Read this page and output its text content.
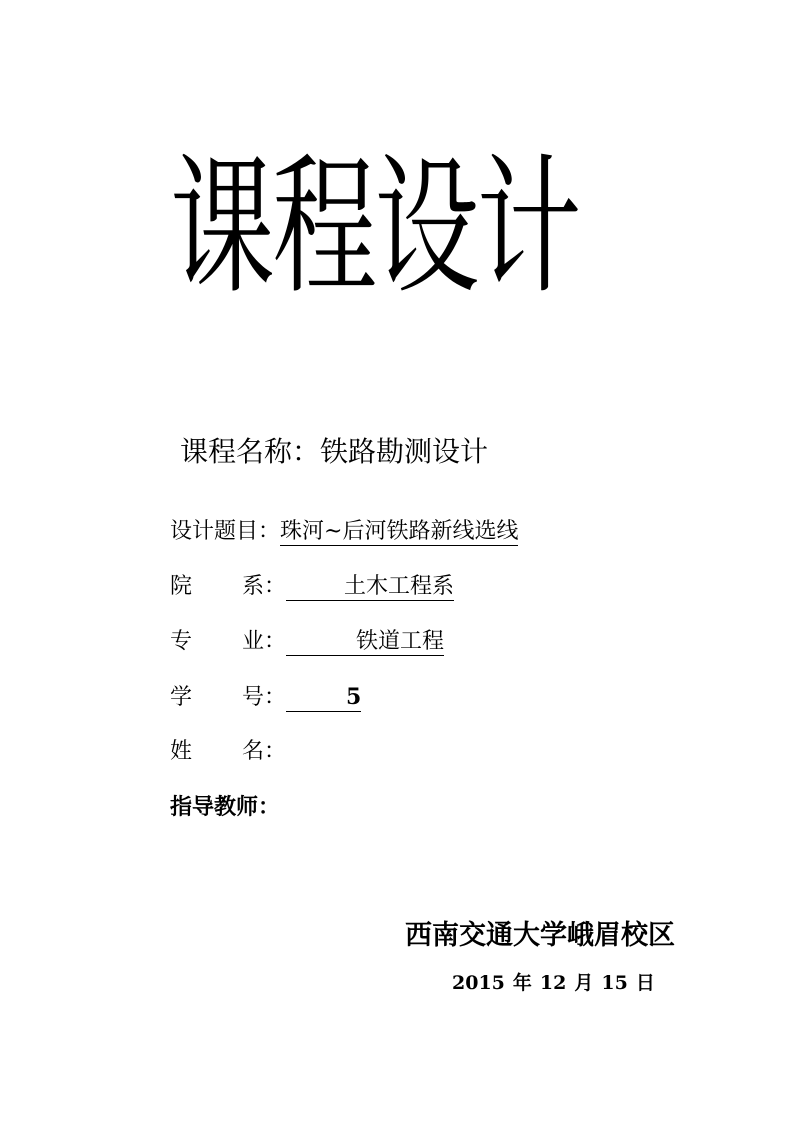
课程设计
课程名称：铁路勘测设计
设计题目：珠河~后河铁路新线选线
院 系：	土木工程系
专 业：	铁道工程
学 号：	5
姓 名：
指导教师：
西南交通大学峨眉校区
2015 年 12 月 15 日
